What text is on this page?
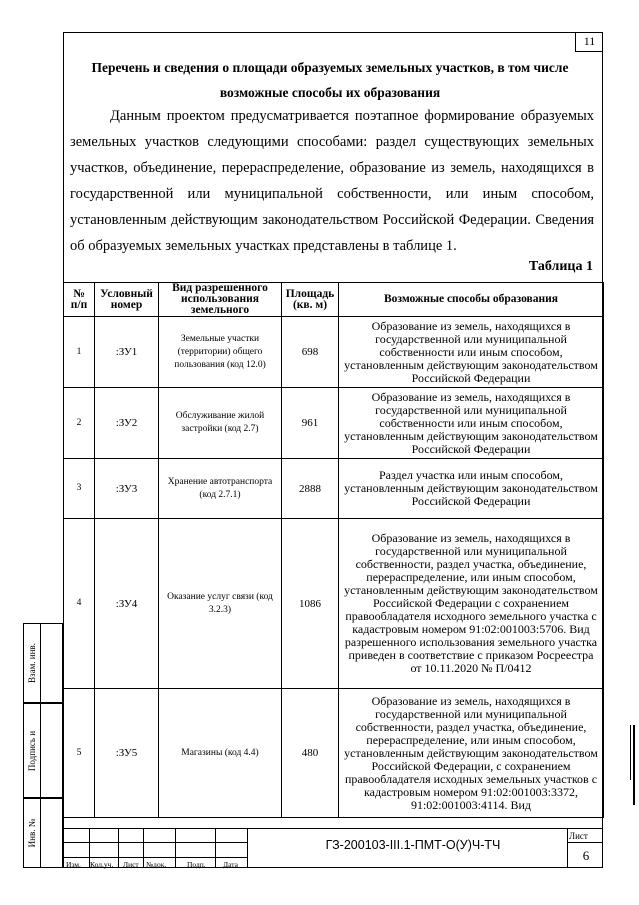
11
Перечень и сведения о площади образуемых земельных участков, в том числе
возможные способы их образования

Данным проектом предусматривается поэтапное формирование образуемых земельных участков следующими способами: раздел существующих земельных участков, объединение, перераспределение, образование из земель, находящихся в государственной или муниципальной собственности, или иным способом, установленным действующим законодательством Российской Федерации. Сведения об образуемых земельных участках представлены в таблице 1.

Таблица 1
№ п/п	Условный номер	Вид разрешенного использования земельного	Площадь (кв. м)	Возможные способы образования
1	:ЗУ1	Земельные участки (территории) общего пользования (код 12.0)	698	Образование из земель, находящихся в государственной или муниципальной собственности или иным способом, установленным действующим законодательством Российской Федерации
2	:ЗУ2	Обслуживание жилой застройки (код 2.7)	961	Образование из земель, находящихся в государственной или муниципальной собственности или иным способом, установленным действующим законодательством Российской Федерации
3	:ЗУ3	Хранение автотранспорта (код 2.7.1)	2888	Раздел участка или иным способом, установленным действующим законодательством Российской Федерации
4	:ЗУ4	Оказание услуг связи (код 3.2.3)	1086	Образование из земель, находящихся в государственной или муниципальной собственности, раздел участка, объединение, перераспределение, или иным способом, установленным действующим законодательством Российской Федерации с сохранением правообладателя исходного земельного участка с кадастровым номером 91:02:001003:5706. Вид разрешенного использования земельного участка приведен в соответствие с приказом Росреестра от 10.11.2020 № П/0412
5	:ЗУ5	Магазины (код 4.4)	480	Образование из земель, находящихся в государственной или муниципальной собственности, раздел участка, объединение, перераспределение, или иным способом, установленным действующим законодательством Российской Федерации, с сохранением правообладателя исходных земельных участков с кадастровым номером 91:02:001003:3372, 91:02:001003:4114. Вид
Изм. Кол.уч. Лист №док.	Подп. Дата
ГЗ-200103-III.1-ПМТ-О(У)Ч-ТЧ
Лист
6
Взам. инв.
Подпись и
Инв. №
